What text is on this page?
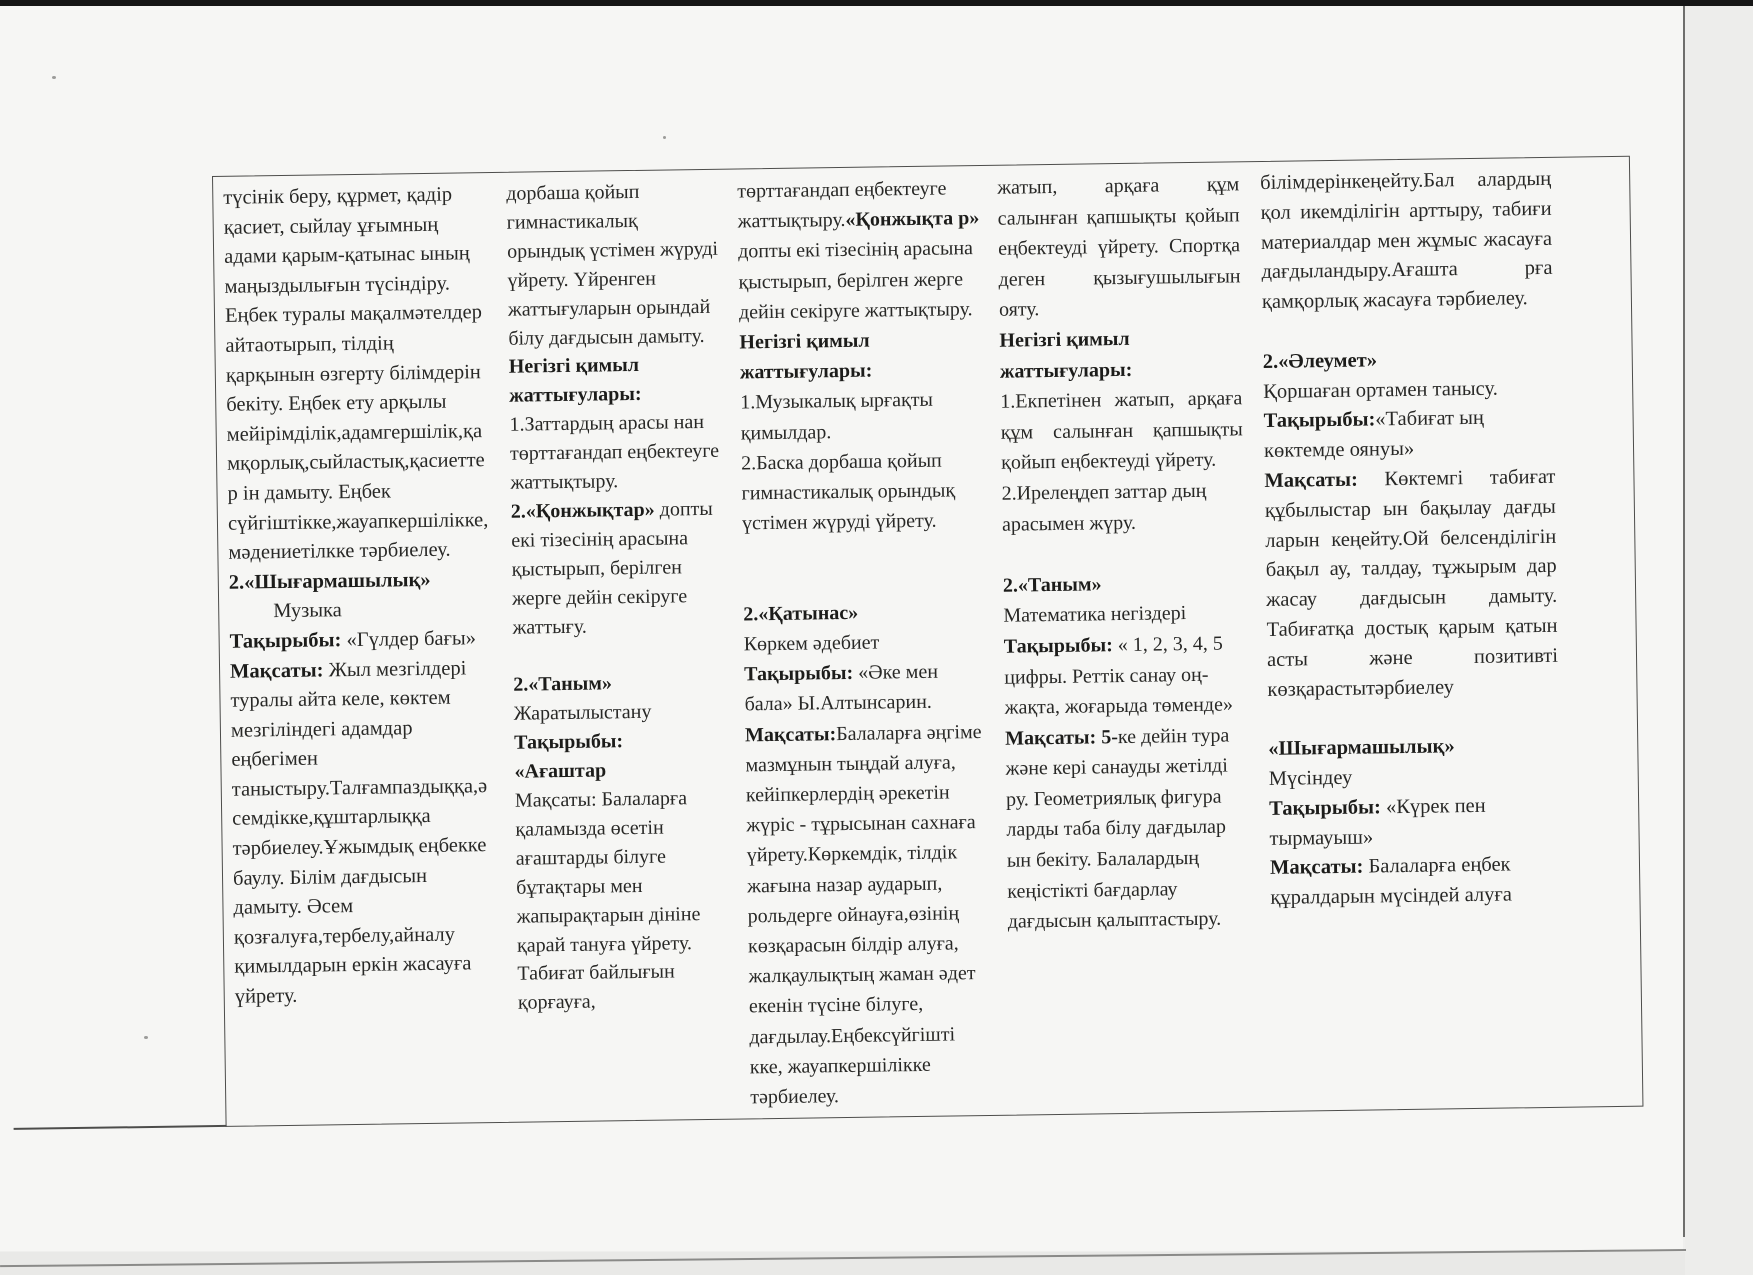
түсінік беру, құрмет, қадір қасиет, сыйлау ұғымның адами қарым-қатынас ының маңыздылығын түсіндіру. Еңбек туралы мақалмәтелдер айтаотырып, тілдің қарқынын өзгерту білімдерін бекіту. Еңбек ету арқылы мейірімділік,адамгершілік,қамқорлық,сыйластық,қасиеттер ін дамыту. Еңбек сүйгіштікке,жауапкершілікке,мәдениетілкке тәрбиелеу.

2.«Шығармашылық»

Музыка

Тақырыбы: «Гүлдер бағы»

Мақсаты: Жыл мезгілдері туралы айта келе, көктем мезгіліндегі адамдар еңбегімен таныстыру.Талғампаздыққа,әсемдікке,құштарлыққа тәрбиелеу.Ұжымдық еңбекке баулу. Білім дағдысын дамыту. Әсем қозғалуға,тербелу,айналу қимылдарын еркін жасауға үйрету.

дорбаша қойып гимнастикалық орындық үстімен жүруді үйрету. Үйренген жаттығуларын орындай білу дағдысын дамыту.

Негізгі қимыл жаттығулары:

1.Заттардың арасы нан төрттағандап еңбектеуге жаттықтыру.

2.«Қонжықтар» допты екі тізесінің арасына қыстырып, берілген жерге дейін секіруге жаттығу.

2.«Таным»

Жаратылыстану

Тақырыбы:

«Ағаштар

Мақсаты: Балаларға қаламызда өсетін ағаштарды білуге бұтақтары мен жапырақтарын дініне қарай тануға үйрету. Табиғат байлығын қорғауға,

төрттағандап еңбектеуге жаттықтыру.«Қонжықта р» допты екі тізесінің арасына қыстырып, берілген жерге дейін секіруге жаттықтыру.

Негізгі қимыл жаттығулары:

1.Музыкалық ырғақты қимылдар.

2.Баска дорбаша қойып гимнастикалық орындық үстімен жүруді үйрету.

2.«Қатынас»

Көркем әдебиет

Тақырыбы: «Әке мен бала» Ы.Алтынсарин.

Мақсаты:Балаларға әңгіме мазмұнын тыңдай алуға, кейіпкерлердің әрекетін жүріс - тұрысынан сахнаға үйрету.Көркемдік, тілдік жағына назар аударып, рольдерге ойнауға,өзінің көзқарасын білдір алуға, жалқаулықтың жаман әдет екенін түсіне білуге, дағдылау.Еңбексүйгішті кке, жауапкершілікке тәрбиелеу.

жатып, арқаға құм салынған қапшықты қойып еңбектеуді үйрету. Спортқа деген қызығушылығын ояту.

Негізгі қимыл жаттығулары:

1.Екпетінен жатып, арқаға құм салынған қапшықты қойып еңбектеуді үйрету.

2.Ирелеңдеп заттар дың арасымен жүру.

2.«Таным»

Математика негіздері

Тақырыбы: « 1, 2, 3, 4, 5 цифры. Реттік санау оң- жақта, жоғарыда төменде»

Мақсаты: 5-ке дейін тура және кері санауды жетілді ру. Геометриялық фигура ларды таба білу дағдылар ын бекіту. Балалардың кеңістікті бағдарлау дағдысын қалыптастыру.

білімдерінкеңейту.Бал алардың қол икемділігін арттыру, табиғи материалдар мен жұмыс жасауға дағдыландыру.Ағашта рға қамқорлық жасауға тәрбиелеу.

2.«Әлеумет»

Қоршаған ортамен танысу.

Тақырыбы:«Табиғат ың көктемде оянуы»

Мақсаты: Көктемгі табиғат құбылыстар ын бақылау дағды ларын кеңейту.Ой белсенділігін бақыл ау, талдау, тұжырым дар жасау дағдысын дамыту. Табиғатқа достық қарым қатын асты және позитивті көзқарастытәрбиелеу

«Шығармашылық»

Мүсіндеу

Тақырыбы: «Күрек пен тырмауыш»

Мақсаты: Балаларға еңбек құралдарын мүсіндей алуға
